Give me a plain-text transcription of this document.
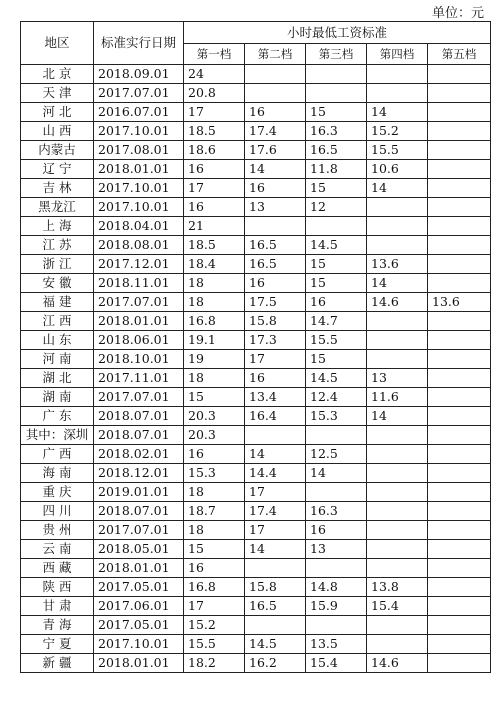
单位：元
地区	标准实行日期	小时最低工资标准				
		第一档	第二档	第三档	第四档	第五档
北 京	2018.09.01	24				
天 津	2017.07.01	20.8				
河 北	2016.07.01	17	16	15	14	
山 西	2017.10.01	18.5	17.4	16.3	15.2	
内蒙古	2017.08.01	18.6	17.6	16.5	15.5	
辽 宁	2018.01.01	16	14	11.8	10.6	
吉 林	2017.10.01	17	16	15	14	
黑龙江	2017.10.01	16	13	12		
上 海	2018.04.01	21				
江 苏	2018.08.01	18.5	16.5	14.5		
浙 江	2017.12.01	18.4	16.5	15	13.6	
安 徽	2018.11.01	18	16	15	14	
福 建	2017.07.01	18	17.5	16	14.6	13.6
江 西	2018.01.01	16.8	15.8	14.7		
山 东	2018.06.01	19.1	17.3	15.5		
河 南	2018.10.01	19	17	15		
湖 北	2017.11.01	18	16	14.5	13	
湖 南	2017.07.01	15	13.4	12.4	11.6	
广 东	2018.07.01	20.3	16.4	15.3	14	
其中：深圳	2018.07.01	20.3				
广 西	2018.02.01	16	14	12.5		
海 南	2018.12.01	15.3	14.4	14		
重 庆	2019.01.01	18	17			
四 川	2018.07.01	18.7	17.4	16.3		
贵 州	2017.07.01	18	17	16		
云 南	2018.05.01	15	14	13		
西 藏	2018.01.01	16				
陕 西	2017.05.01	16.8	15.8	14.8	13.8	
甘 肃	2017.06.01	17	16.5	15.9	15.4	
青 海	2017.05.01	15.2				
宁 夏	2017.10.01	15.5	14.5	13.5		
新 疆	2018.01.01	18.2	16.2	15.4	14.6	
